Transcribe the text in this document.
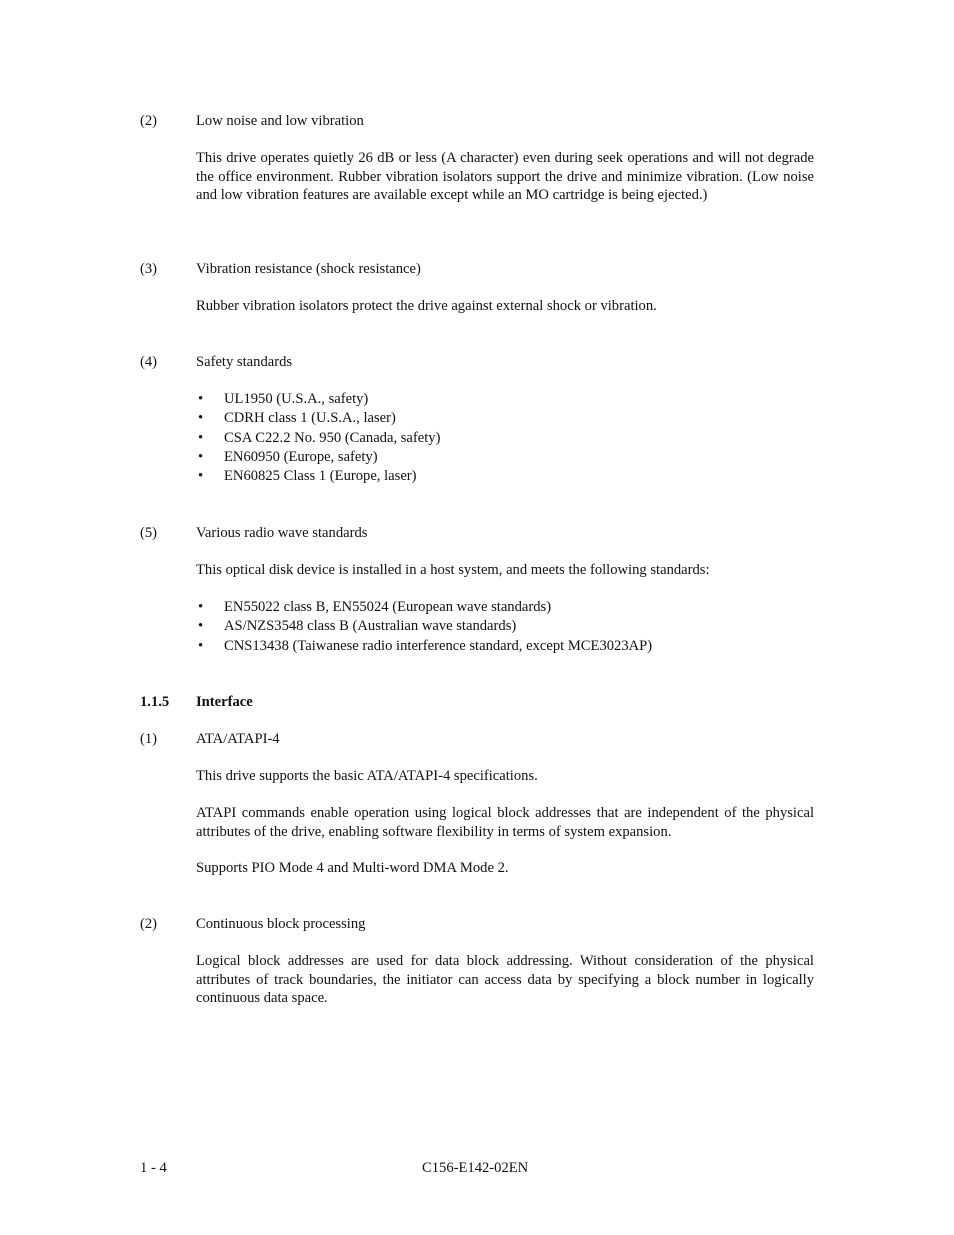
(2)	Low noise and low vibration

This drive operates quietly 26 dB or less (A character) even during seek operations and will not degrade the office environment. Rubber vibration isolators support the drive and minimize vibration. (Low noise and low vibration features are available except while an MO cartridge is being ejected.)

(3)	Vibration resistance (shock resistance)

Rubber vibration isolators protect the drive against external shock or vibration.

(4)	Safety standards
• UL1950 (U.S.A., safety)
• CDRH class 1 (U.S.A., laser)
• CSA C22.2 No. 950 (Canada, safety)
• EN60950 (Europe, safety)
• EN60825 Class 1 (Europe, laser)
(5)	Various radio wave standards

This optical disk device is installed in a host system, and meets the following standards:

• EN55022 class B, EN55024 (European wave standards)
• AS/NZS3548 class B (Australian wave standards)
• CNS13438 (Taiwanese radio interference standard, except MCE3023AP)
1.1.5 Interface
(1)	ATA/ATAPI-4

This drive supports the basic ATA/ATAPI-4 specifications.

ATAPI commands enable operation using logical block addresses that are independent of the physical attributes of the drive, enabling software flexibility in terms of system expansion.

Supports PIO Mode 4 and Multi-word DMA Mode 2.

(2)	Continuous block processing

Logical block addresses are used for data block addressing. Without consideration of the physical attributes of track boundaries, the initiator can access data by specifying a block number in logically continuous data space.

1 - 4	C156-E142-02EN
